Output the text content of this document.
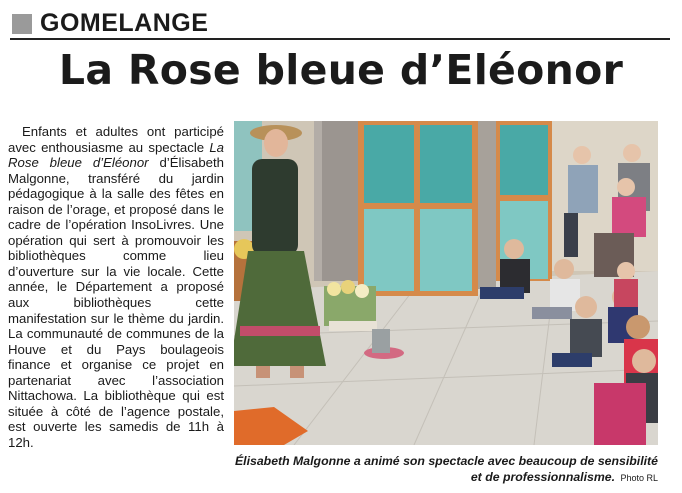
GOMELANGE
La Rose bleue d’Eléonor
Enfants et adultes ont participé avec enthousiasme au spectacle La Rose bleue d’Eléonor d’Élisabeth Malgonne, transféré du jardin pédagogique à la salle des fêtes en raison de l’orage, et proposé dans le cadre de l’opération InsoLivres. Une opération qui sert à promouvoir les bibliothèques comme lieu d’ouverture sur la vie locale. Cette année, le Département a proposé aux bibliothèques cette manifestation sur le thème du jardin. La communauté de communes de la Houve et du Pays boulageois finance et organise ce projet en partenariat avec l’association Nittachowa. La bibliothèque qui est située à côté de l’agence postale, est ouverte les samedis de 11h à 12h.
Élisabeth Malgonne a animé son spectacle avec beaucoup de sensibilité et de professionnalisme. Photo RL
